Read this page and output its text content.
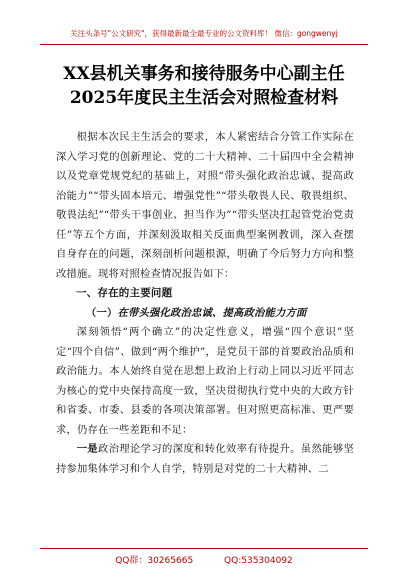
关注头条号"公文研究"，获得最新最全最专业的公文资料库！ 微信：gongwenyj
XX县机关事务和接待服务中心副主任
2025年度民主生活会对照检查材料

根据本次民主生活会的要求，本人紧密结合分管工作实际在深入学习党的创新理论、党的二十大精神、二十届四中全会精神以及党章党规党纪的基础上，对照“带头强化政治忠诚、提高政治能力”“带头固本培元、增强党性”“带头敬畏人民、敬畏组织、敬畏法纪”“带头干事创业、担当作为”“带头坚决扛起管党治党责任”等五个方面，并深刻汲取相关反面典型案例教训，深入查摆自身存在的问题，深刻剖析问题根源，明确了今后努力方向和整改措施。现将对照检查情况报告如下：

一、存在的主要问题
（一）在带头强化政治忠诚、提高政治能力方面

深刻领悟“两个确立”的决定性意义，增强“四个意识”坚定“四个自信”、做到“两个维护”，是党员干部的首要政治品质和政治能力。本人始终自觉在思想上政治上行动上同以习近平同志为核心的党中央保持高度一致，坚决贯彻执行党中央的大政方针和省委、市委、县委的各项决策部署。但对照更高标准、更严要求，仍存在一些差距和不足：

一是政治理论学习的深度和转化效率有待提升。虽然能够坚持参加集体学习和个人自学，特别是对党的二十大精神、二

QQ群：30265665	QQ:535304092
